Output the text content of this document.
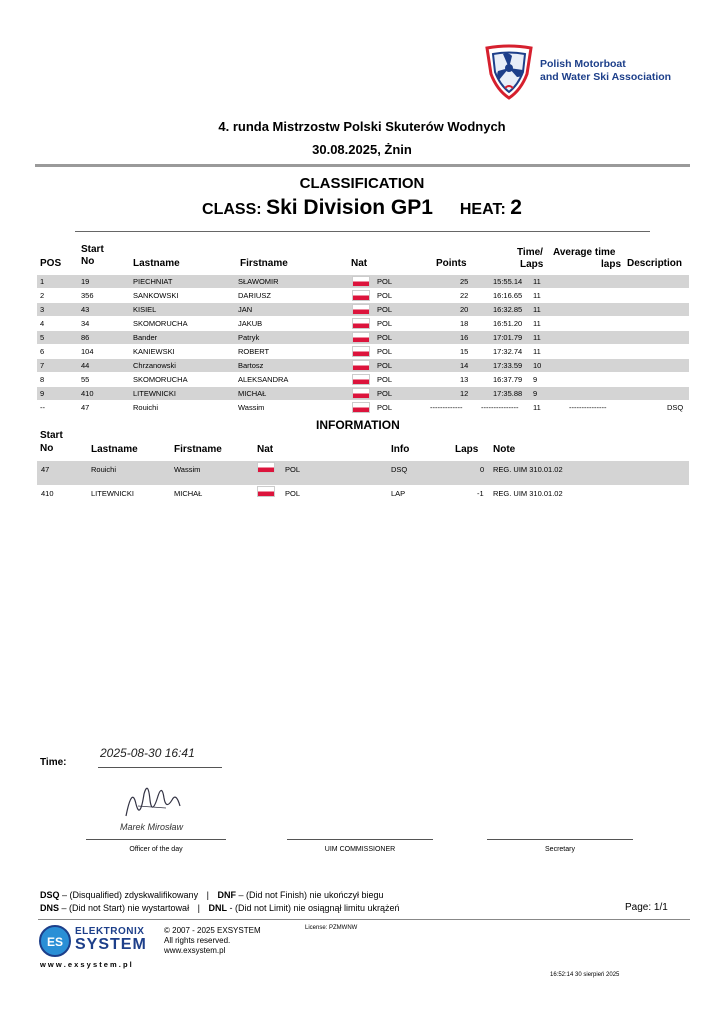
Polish Motorboat
and Water Ski Association
4. runda Mistrzostw Polski Skuterów Wodnych
30.08.2025, Żnin
CLASSIFICATION
CLASS: Ski Division GP1 HEAT: 2
POS
Start
No	Lastname	Firstname	Nat	Points
Time/
Laps
Average time
laps Description
1	19	PIECHNIAT	SŁAWOMIR	POL	25	15:55.14 11
2	356	SANKOWSKI	DARIUSZ	POL	22	16:16.65 11
3	43	KISIEL	JAN	POL	20	16:32.85 11
4	34	SKOMORUCHA	JAKUB	POL	18	16:51.20 11
5	86	Bander	Patryk	POL	16	17:01.79 11
6	104	KANIEWSKI	ROBERT	POL	15	17:32.74 11
7	44	Chrzanowski	Bartosz	POL	14	17:33.59 10
8	55	SKOMORUCHA	ALEKSANDRA	POL	13	16:37.79 9
9	410	LITEWNICKI	MICHAŁ	POL	12	17:35.88 9
--	47	Rouichi	Wassim	POL	------------- --------------- 11	---------------	DSQ
INFORMATION
Start
No	Lastname	Firstname	Nat	Info	Laps Note
47	Rouichi	Wassim	POL	DSQ	0 REG. UIM 310.01.02
410	LITEWNICKI	MICHAŁ	POL	LAP	-1 REG. UIM 310.01.02
2025-08-30 16:41
Time:
Marek Mirosław
Officer of the day	UIM COMMISSIONER	Secretary
DSQ – (Disqualified) zdyskwalifikowany | DNF – (Did not Finish) nie ukończył biegu
DNS – (Did not Start) nie wystartował | DNL - (Did not Limit) nie osiągnął limitu ukrążeń	Page: 1/1
ES
ELEKTRONIX
SYSTEM
© 2007 - 2025 EXSYSTEM
All rights reserved.
www.exsystem.pl
License: PZMWNW
w w w . e x s y s t e m . p l
16:52:14 30 sierpień 2025
